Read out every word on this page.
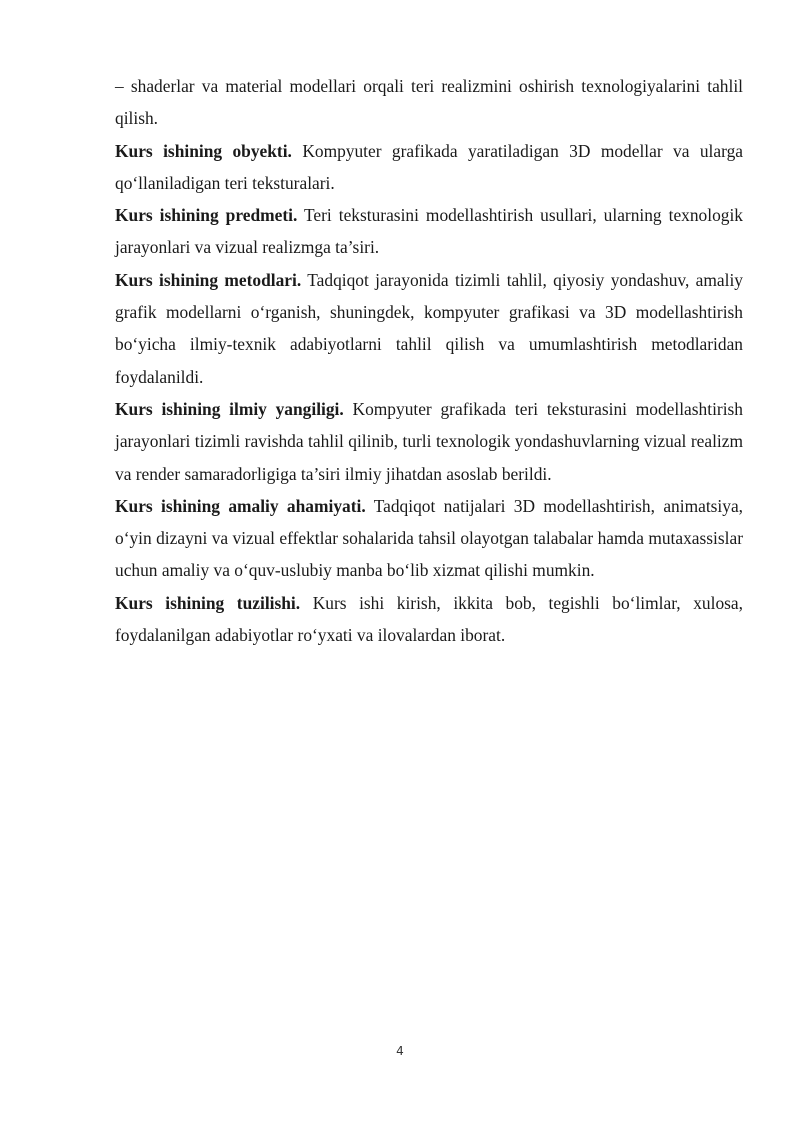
– shaderlar va material modellari orqali teri realizmini oshirish texnologiyalarini tahlil qilish.

Kurs ishining obyekti. Kompyuter grafikada yaratiladigan 3D modellar va ularga qo‘llaniladigan teri teksturalari.

Kurs ishining predmeti. Teri teksturasini modellashtirish usullari, ularning texnologik jarayonlari va vizual realizmga ta’siri.

Kurs ishining metodlari. Tadqiqot jarayonida tizimli tahlil, qiyosiy yondashuv, amaliy grafik modellarni o‘rganish, shuningdek, kompyuter grafikasi va 3D modellashtirish bo‘yicha ilmiy-texnik adabiyotlarni tahlil qilish va umumlashtirish metodlaridan foydalanildi.

Kurs ishining ilmiy yangiligi. Kompyuter grafikada teri teksturasini modellashtirish jarayonlari tizimli ravishda tahlil qilinib, turli texnologik yondashuvlarning vizual realizm va render samaradorligiga ta’siri ilmiy jihatdan asoslab berildi.

Kurs ishining amaliy ahamiyati. Tadqiqot natijalari 3D modellashtirish, animatsiya, o‘yin dizayni va vizual effektlar sohalarida tahsil olayotgan talabalar hamda mutaxassislar uchun amaliy va o‘quv-uslubiy manba bo‘lib xizmat qilishi mumkin.

Kurs ishining tuzilishi. Kurs ishi kirish, ikkita bob, tegishli bo‘limlar, xulosa, foydalanilgan adabiyotlar ro‘yxati va ilovalardan iborat.

4
